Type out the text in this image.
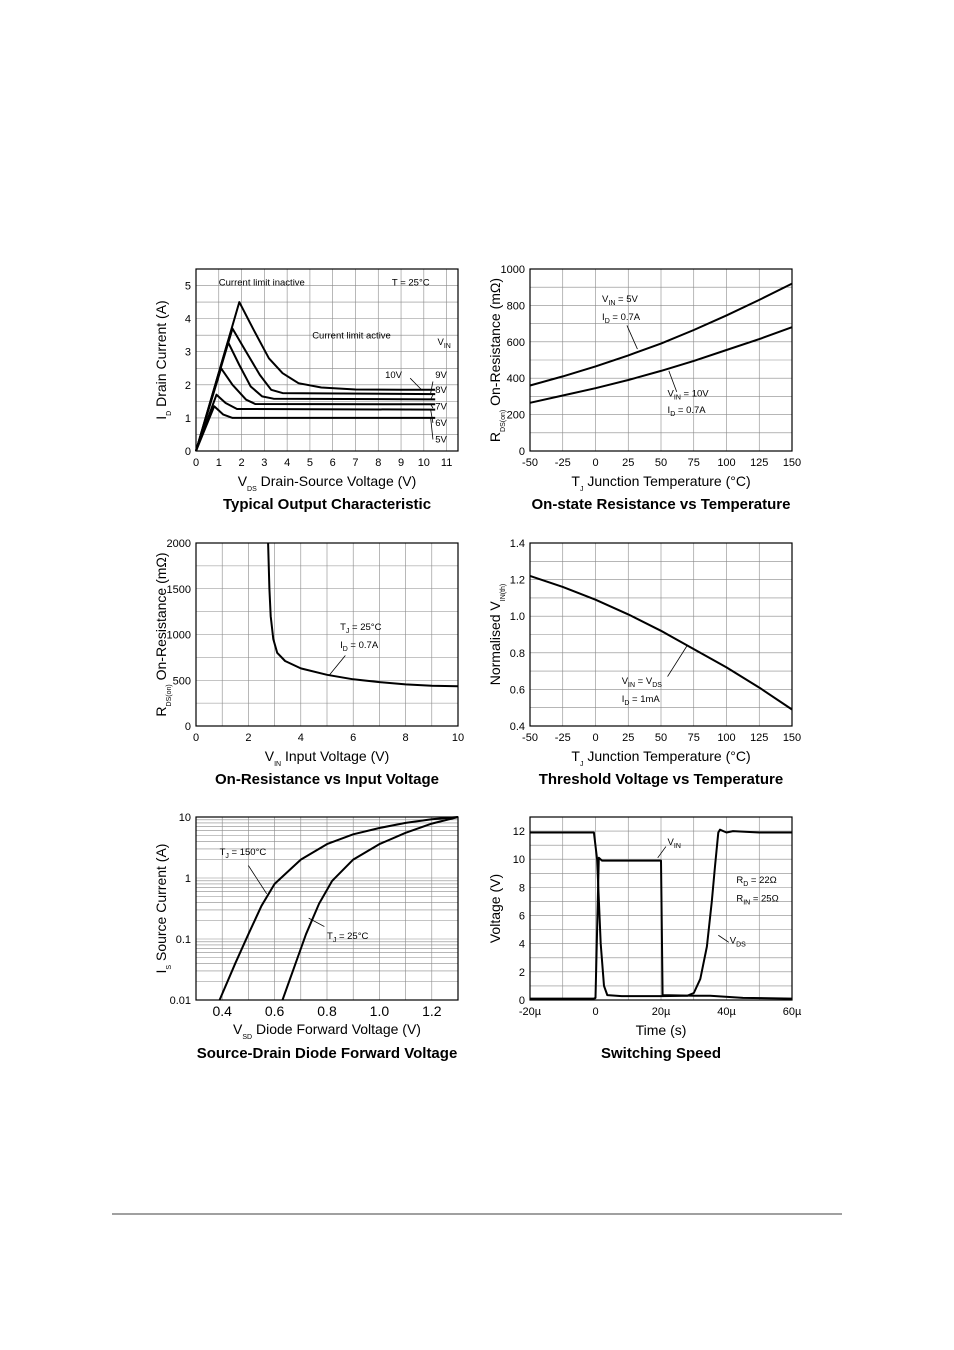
0 1 2 3 4 5 6 7 8 9 10 11
0
1
2
3
4
5
$V_{DS}$ Drain-Source Voltage (V)
$I_D$ Drain Current (A)
Typical Output Characteristic
Current limit inactive	T = 25°C
Current limit active
$V_{IN}$
10V	9V
8V
7V
6V
5V
-50 -25 0 25 50 75 100 125 150
0
200
400
600
800
1000
$T_J$ Junction Temperature (°C)
$R_{DS(on)}$ On-Resistance (mΩ)
On-state Resistance vs Temperature
$V_{IN} = 5V$
$I_D = 0.7A$
$V_{IN} = 10V$
$I_D = 0.7A$
0	2	4	6	8	10
0
500
1000
1500
2000
$V_{IN}$ Input Voltage (V)
$R_{DS(on)}$ On-Resistance (mΩ)
On-Resistance vs Input Voltage
$T_J = 25^\circ C$
$I_D = 0.7A$
-50 -25 0 25 50 75 100 125 150
0.4
0.6
0.8
1.0
1.2
1.4
$T_J$ Junction Temperature (°C)
Normalised $V_{IN(th)}$
Threshold Voltage vs Temperature
$V_{IN} = V_{DS}$
$I_D = 1mA$
0.4 0.6 0.8 1.0 1.2
0.01
0.1
1
10
$V_{SD}$ Diode Forward Voltage (V)
$I_S$ Source Current (A)
Source-Drain Diode Forward Voltage
$T_J = 150^\circ C$
$T_J = 25^\circ C$
-20µ	0	20µ	40µ	60µ
0
2
4
6
8
10
12
Time (s)
Voltage (V)
Switching Speed
$V_{IN}$
$R_D = 22\Omega$
$R_{IN} = 25\Omega$
$V_{DS}$
